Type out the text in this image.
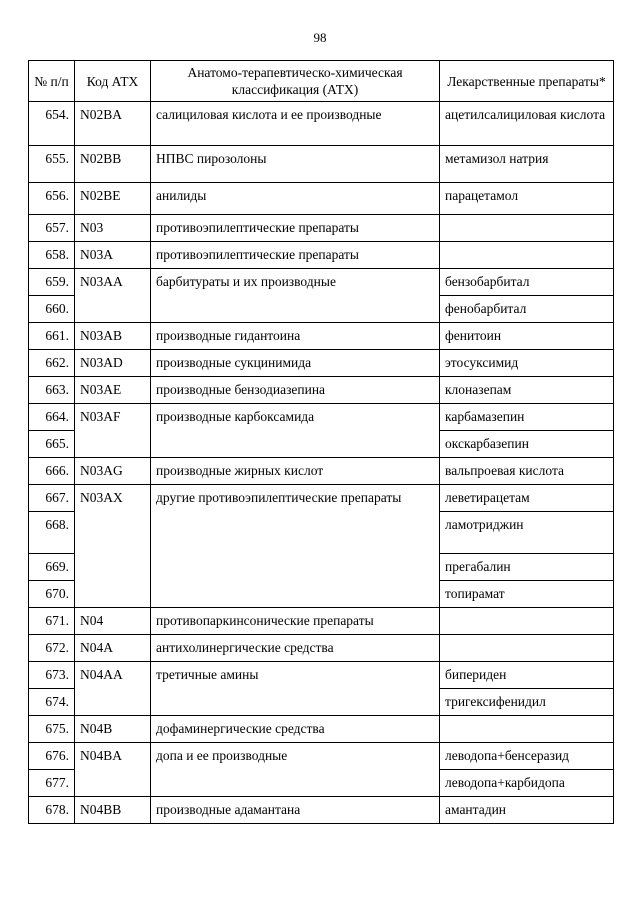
98
№ п/п	Код АТХ	Анатомо-терапевтическо-химическая классификация (АТХ)	Лекарственные препараты*
654.	N02BA	салициловая кислота и ее производные	ацетилсалициловая кислота
655.	N02BB	НПВС пирозолоны	метамизол натрия
656.	N02BE	анилиды	парацетамол
657.	N03	противоэпилептические препараты	
658.	N03A	противоэпилептические препараты	
659.	N03AA	барбитураты и их производные	бензобарбитал
660.			фенобарбитал
661.	N03AB	производные гидантоина	фенитоин
662.	N03AD	производные сукцинимида	этосуксимид
663.	N03AE	производные бензодиазепина	клоназепам
664.	N03AF	производные карбоксамида	карбамазепин
665.			окскарбазепин
666.	N03AG	производные жирных кислот	вальпроевая кислота
667.	N03AX	другие противоэпилептические препараты	леветирацетам
668.			ламотриджин
669.			прегабалин
670.			топирамат
671.	N04	противопаркинсонические препараты	
672.	N04A	антихолинергические средства	
673.	N04AA	третичные амины	бипериден
674.			тригексифенидил
675.	N04B	дофаминергические средства	
676.	N04BA	допа и ее производные	леводопа+бенсеразид
677.			леводопа+карбидопа
678.	N04BB	производные адамантана	амантадин
